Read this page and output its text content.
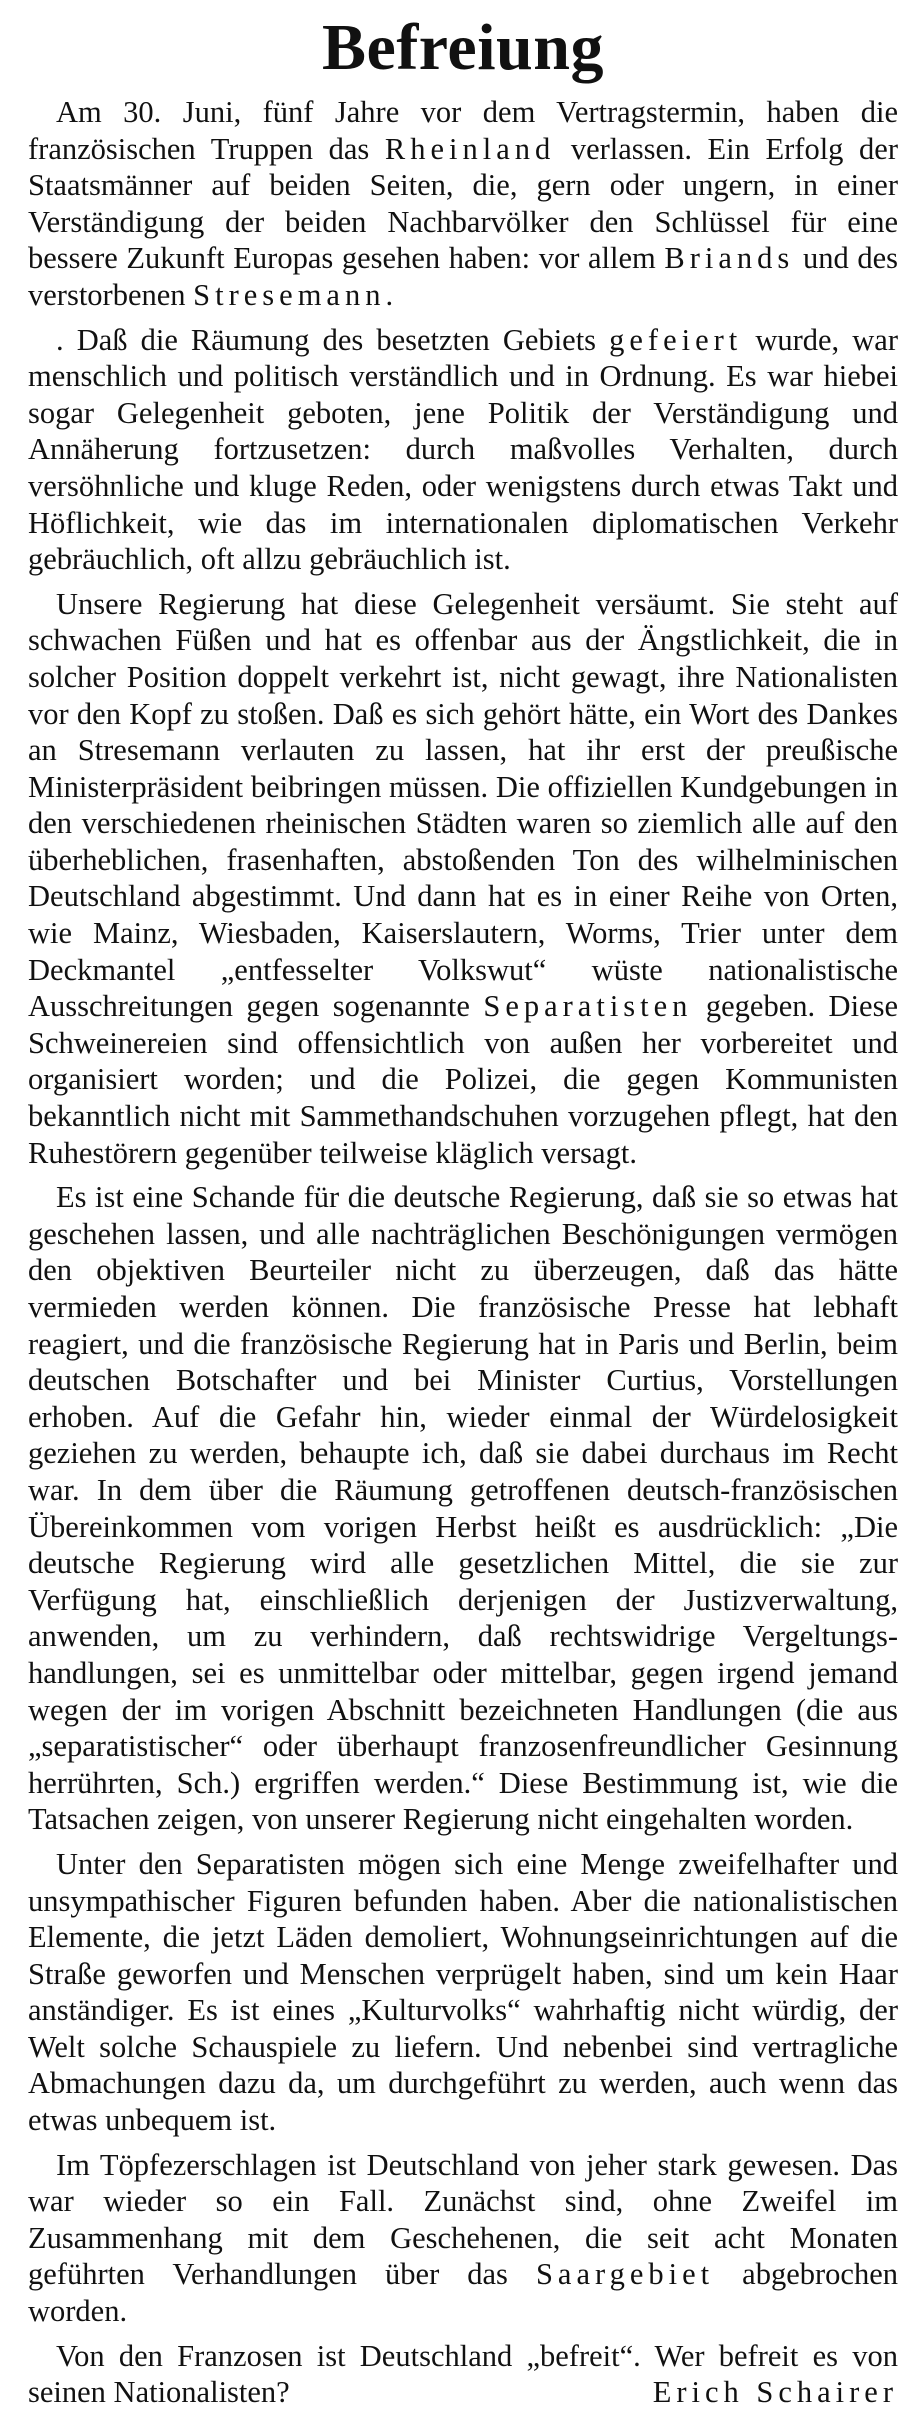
Befreiung

Am 30. Juni, fünf Jahre vor dem Vertragstermin, haben die französischen Truppen das Rheinland verlassen. Ein Erfolg der Staatsmänner auf beiden Seiten, die, gern oder ungern, in einer Verständigung der beiden Nachbarvölker den Schlüssel für eine bessere Zukunft Europas gesehen haben: vor allem Briands und des verstorbenen Stresemann.

. Daß die Räumung des besetzten Gebiets gefeiert wurde, war menschlich und politisch verständlich und in Ordnung. Es war hiebei sogar Gelegenheit geboten, jene Politik der Verständigung und Annäherung fortzusetzen: durch maßvolles Verhalten, durch versöhnliche und kluge Reden, oder wenigstens durch etwas Takt und Höflichkeit, wie das im internationalen diplomatischen Verkehr gebräuchlich, oft allzu gebräuchlich ist.

Unsere Regierung hat diese Gelegenheit versäumt. Sie steht auf schwachen Füßen und hat es offenbar aus der Ängstlichkeit, die in solcher Position doppelt verkehrt ist, nicht gewagt, ihre Nationalisten vor den Kopf zu stoßen. Daß es sich gehört hätte, ein Wort des Dankes an Stresemann verlauten zu lassen, hat ihr erst der preußische Ministerpräsident beibringen müssen. Die offiziellen Kundgebungen in den verschiedenen rheinischen Städten waren so ziemlich alle auf den überheblichen, frasenhaften, abstoßenden Ton des wilhelminischen Deutschland abgestimmt. Und dann hat es in einer Reihe von Orten, wie Mainz, Wiesbaden, Kaiserslautern, Worms, Trier unter dem Deckmantel „entfesselter Volkswut“ wüste nationalistische Ausschreitungen gegen sogenannte Separatisten gegeben. Diese Schweinereien sind offensichtlich von außen her vorbereitet und organisiert worden; und die Polizei, die gegen Kommunisten bekanntlich nicht mit Sammethandschuhen vorzugehen pflegt, hat den Ruhestörern gegenüber teilweise kläglich versagt.

Es ist eine Schande für die deutsche Regierung, daß sie so etwas hat geschehen lassen, und alle nachträglichen Beschönigungen vermögen den objektiven Beurteiler nicht zu überzeugen, daß das hätte vermieden werden können. Die französische Presse hat lebhaft reagiert, und die französische Regierung hat in Paris und Berlin, beim deutschen Botschafter und bei Minister Curtius, Vorstellungen erhoben. Auf die Gefahr hin, wieder einmal der Würdelosigkeit geziehen zu werden, behaupte ich, daß sie dabei durchaus im Recht war. In dem über die Räumung getroffenen deutsch-französischen Übereinkommen vom vorigen Herbst heißt es ausdrücklich: „Die deutsche Regierung wird alle gesetzlichen Mittel, die sie zur Verfügung hat, einschließlich derjenigen der Justizverwaltung, anwenden, um zu verhindern, daß rechtswidrige Vergeltungshandlungen, sei es unmittelbar oder mittelbar, gegen irgend jemand wegen der im vorigen Abschnitt bezeichneten Handlungen (die aus „separatistischer“ oder überhaupt franzosenfreundlicher Gesinnung herrührten, Sch.) ergriffen werden.“ Diese Bestimmung ist, wie die Tatsachen zeigen, von unserer Regierung nicht eingehalten worden.

Unter den Separatisten mögen sich eine Menge zweifelhafter und unsympathischer Figuren befunden haben. Aber die nationalistischen Elemente, die jetzt Läden demoliert, Wohnungseinrichtungen auf die Straße geworfen und Menschen verprügelt haben, sind um kein Haar anständiger. Es ist eines „Kulturvolks“ wahrhaftig nicht würdig, der Welt solche Schauspiele zu liefern. Und nebenbei sind vertragliche Abmachungen dazu da, um durchgeführt zu werden, auch wenn das etwas unbequem ist.

Im Töpfezerschlagen ist Deutschland von jeher stark gewesen. Das war wieder so ein Fall. Zunächst sind, ohne Zweifel im Zusammenhang mit dem Geschehenen, die seit acht Monaten geführten Verhandlungen über das Saargebiet abgebrochen worden.

Von den Franzosen ist Deutschland „befreit“. Wer befreit es von seinen Nationalisten?	Erich Schairer
